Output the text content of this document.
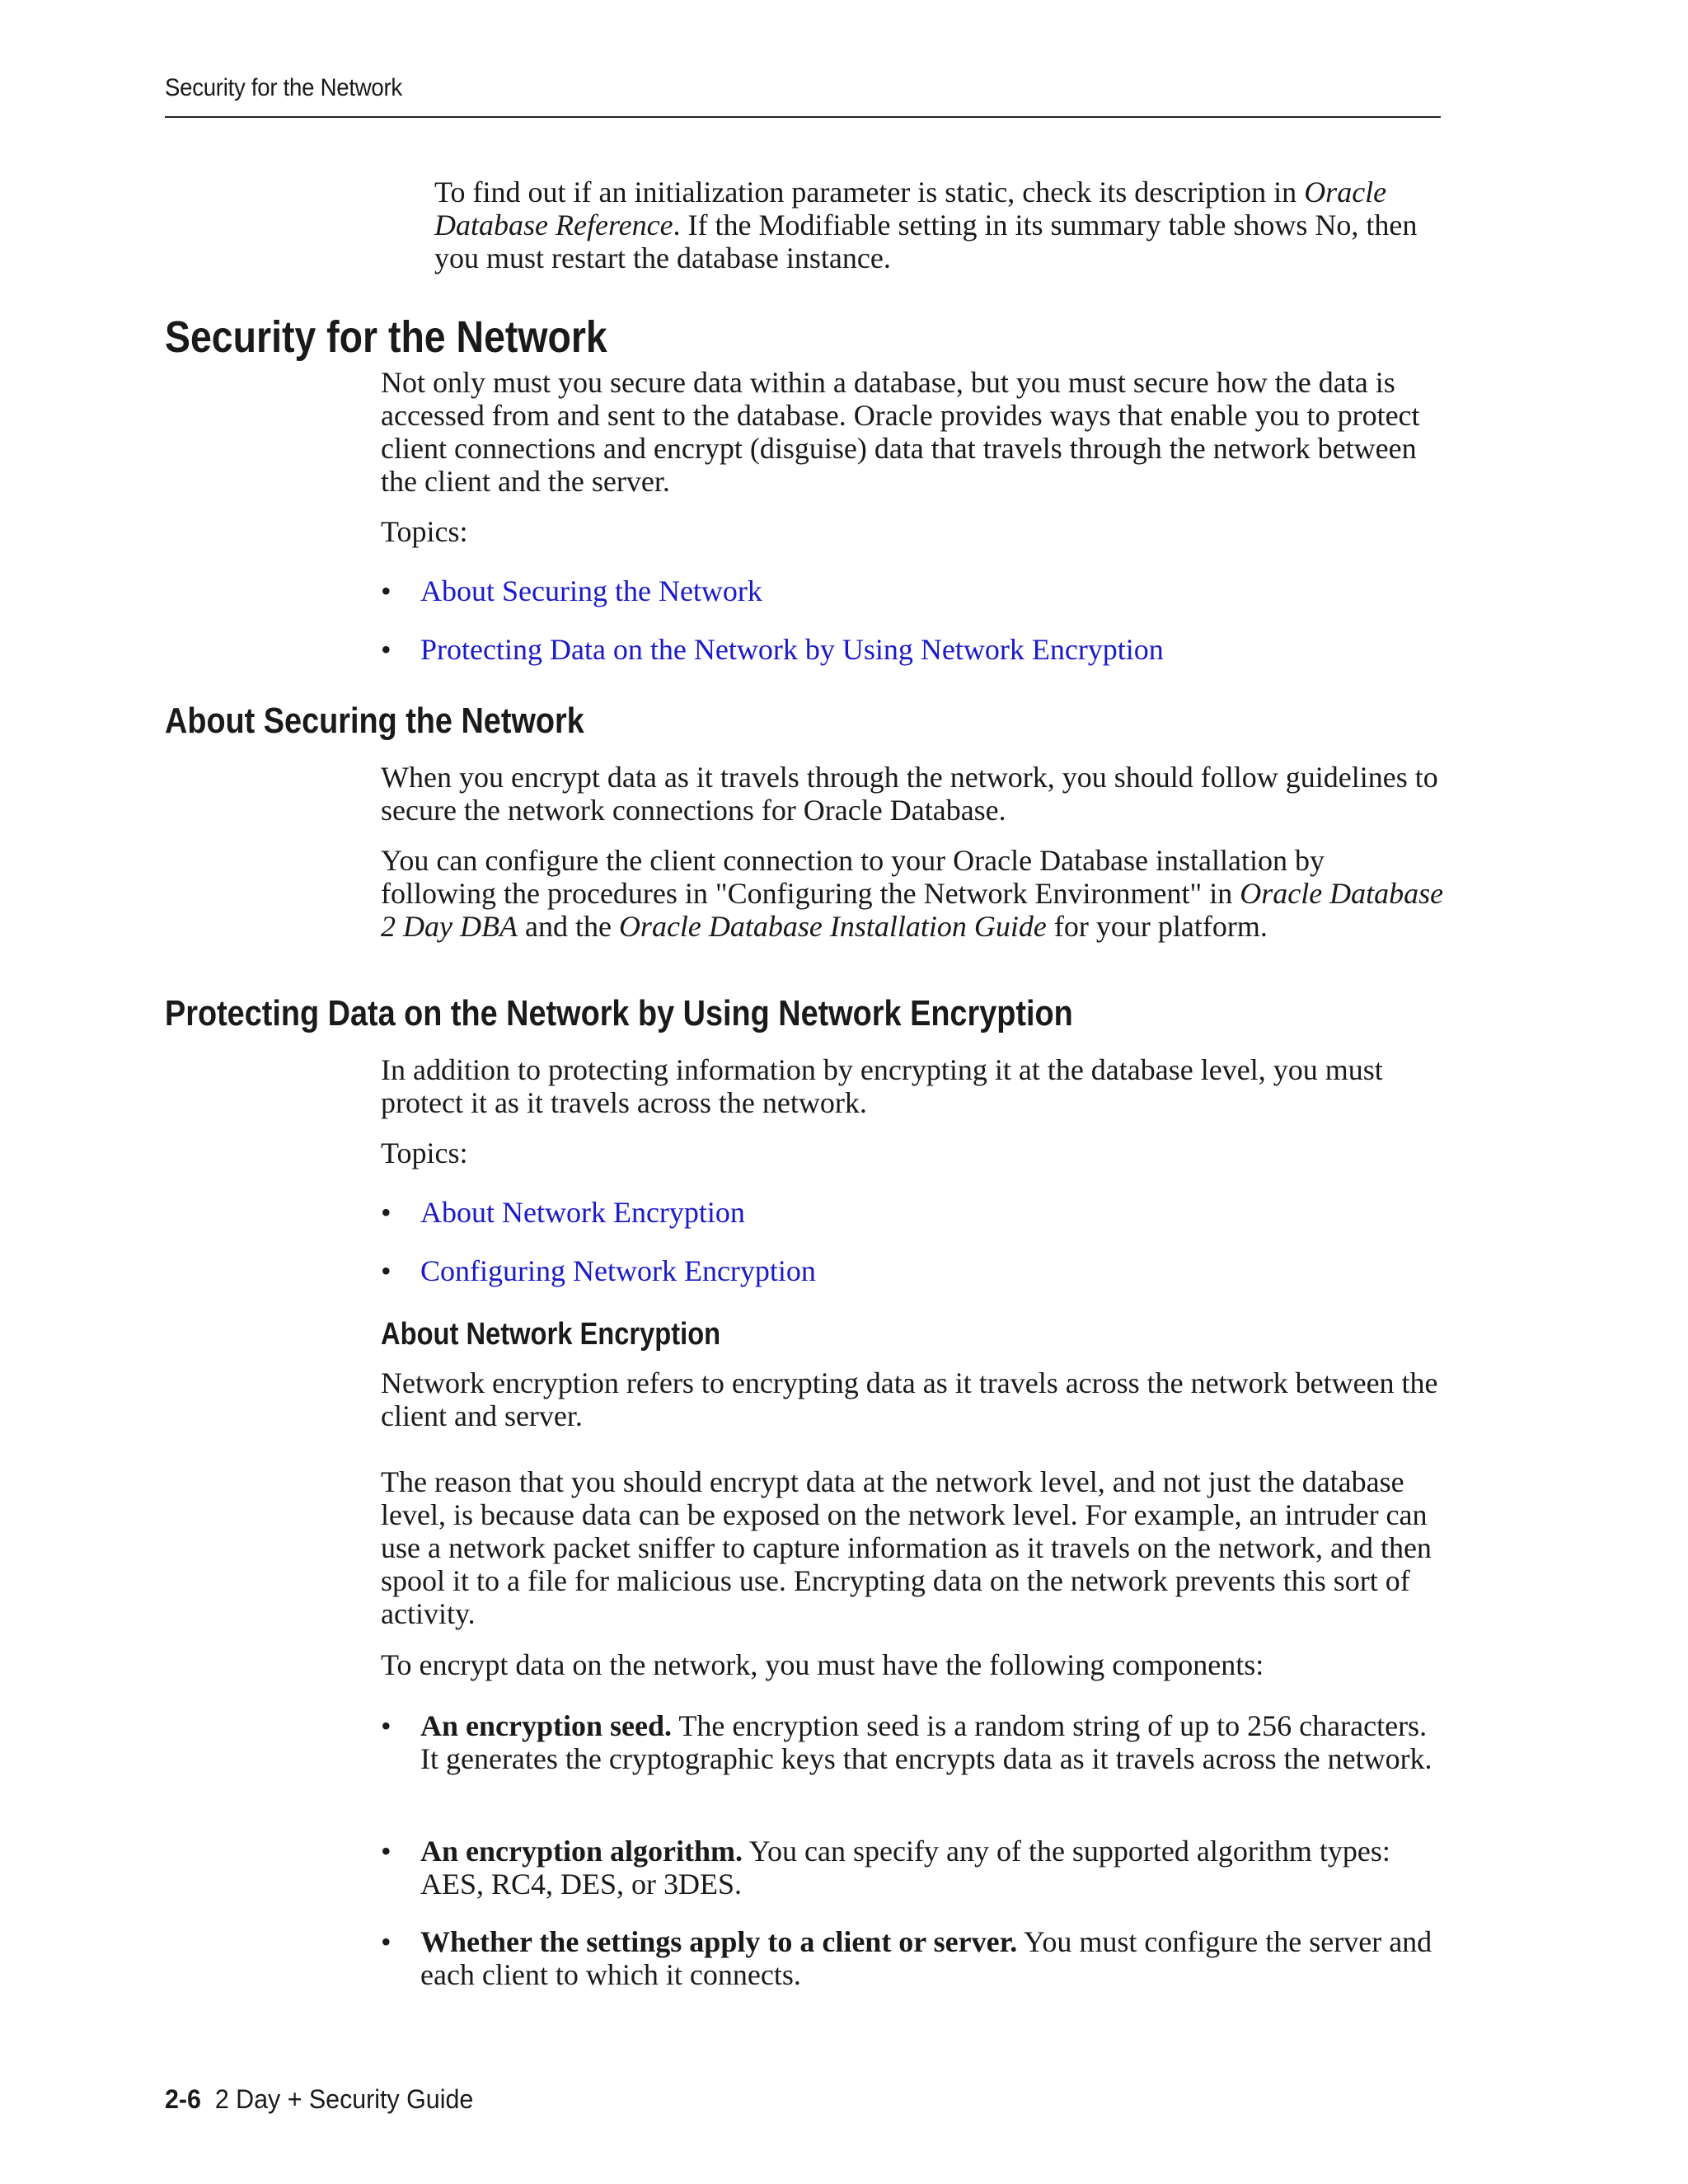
Security for the Network

To find out if an initialization parameter is static, check its description in Oracle Database Reference. If the Modifiable setting in its summary table shows No, then you must restart the database instance.

Security for the Network

Not only must you secure data within a database, but you must secure how the data is accessed from and sent to the database. Oracle provides ways that enable you to protect client connections and encrypt (disguise) data that travels through the network between the client and the server.

Topics:

• About Securing the Network
• Protecting Data on the Network by Using Network Encryption
About Securing the Network

When you encrypt data as it travels through the network, you should follow guidelines to secure the network connections for Oracle Database.

You can configure the client connection to your Oracle Database installation by following the procedures in "Configuring the Network Environment" in Oracle Database 2 Day DBA and the Oracle Database Installation Guide for your platform.

Protecting Data on the Network by Using Network Encryption

In addition to protecting information by encrypting it at the database level, you must protect it as it travels across the network.

Topics:

• About Network Encryption
• Configuring Network Encryption
About Network Encryption

Network encryption refers to encrypting data as it travels across the network between the client and server.

The reason that you should encrypt data at the network level, and not just the database level, is because data can be exposed on the network level. For example, an intruder can use a network packet sniffer to capture information as it travels on the network, and then spool it to a file for malicious use. Encrypting data on the network prevents this sort of activity.

To encrypt data on the network, you must have the following components:

• An encryption seed. The encryption seed is a random string of up to 256 characters. It generates the cryptographic keys that encrypts data as it travels across the network.
• An encryption algorithm. You can specify any of the supported algorithm types: AES, RC4, DES, or 3DES.
• Whether the settings apply to a client or server. You must configure the server and each client to which it connects.
2-6 2 Day + Security Guide
